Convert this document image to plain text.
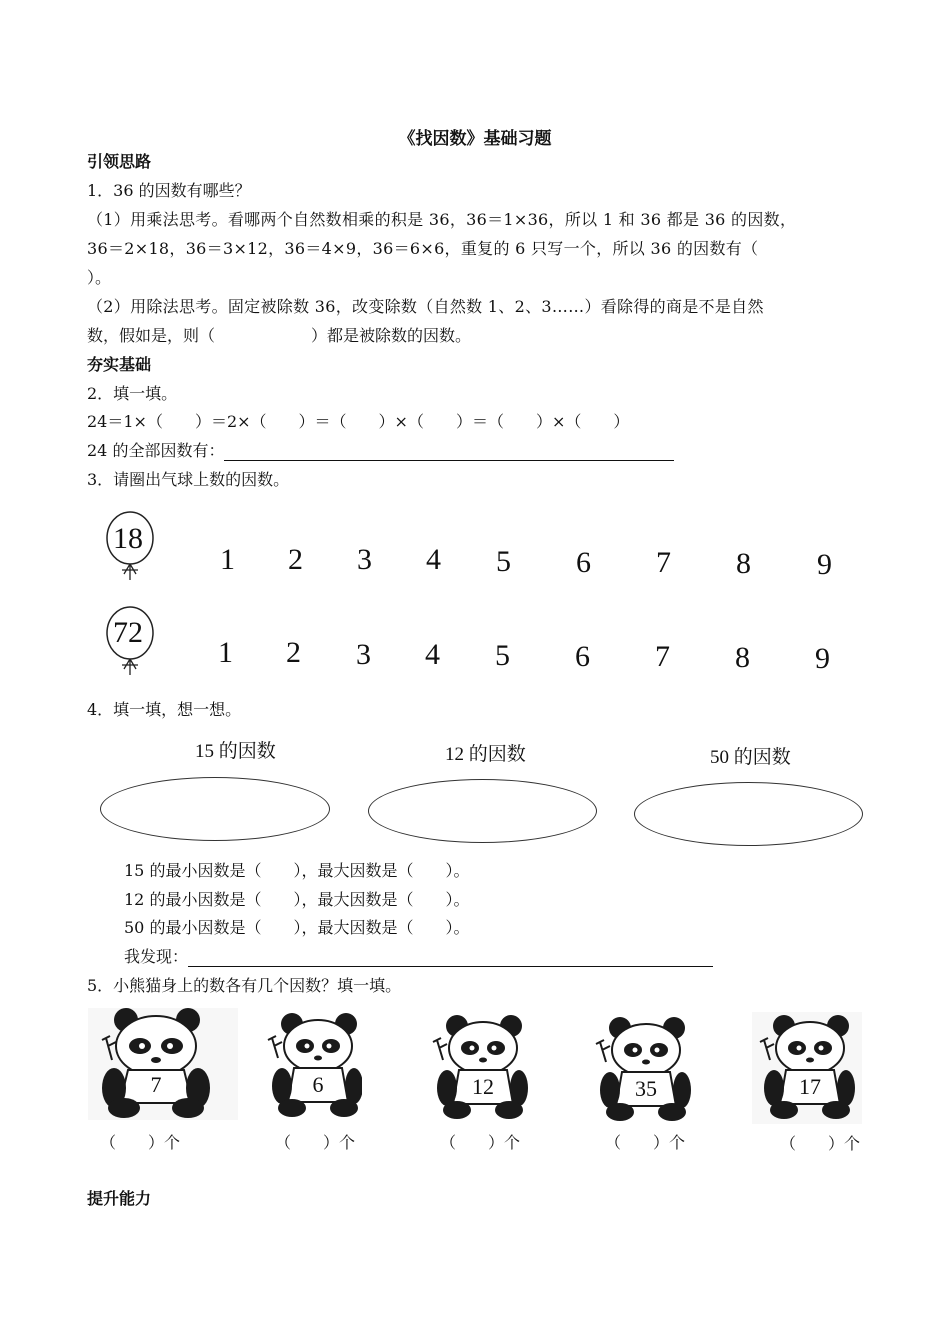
《找因数》基础习题
引领思路
1．36 的因数有哪些？
（1）用乘法思考。看哪两个自然数相乘的积是 36，36＝1×36，所以 1 和 36 都是 36 的因数，
36＝2×18，36＝3×12，36＝4×9，36＝6×6，重复的 6 只写一个，所以 36 的因数有（
）。
（2）用除法思考。固定被除数 36，改变除数（自然数 1、2、3……）看除得的商是不是自然
数，假如是，则（　　　　　　）都是被除数的因数。
夯实基础
2．填一填。
24＝1×（　　）＝2×（　　）＝（　　）×（　　）＝（　　）×（　　）
24 的全部因数有：
3．请圈出气球上数的因数。
18
1 2 3 4 5 6 7 8 9
72
1 2 3 4 5 6 7 8 9
4．填一填，想一想。
15 的因数	12 的因数	50 的因数
15 的最小因数是（　　），最大因数是（　　）。
12 的最小因数是（　　），最大因数是（　　）。
50 的最小因数是（　　），最大因数是（　　）。
我发现：
5．小熊猫身上的数各有几个因数？填一填。
7	6	12	35	17
（　　）个	（　　）个	（　　）个	（　　）个	（　　）个
提升能力
